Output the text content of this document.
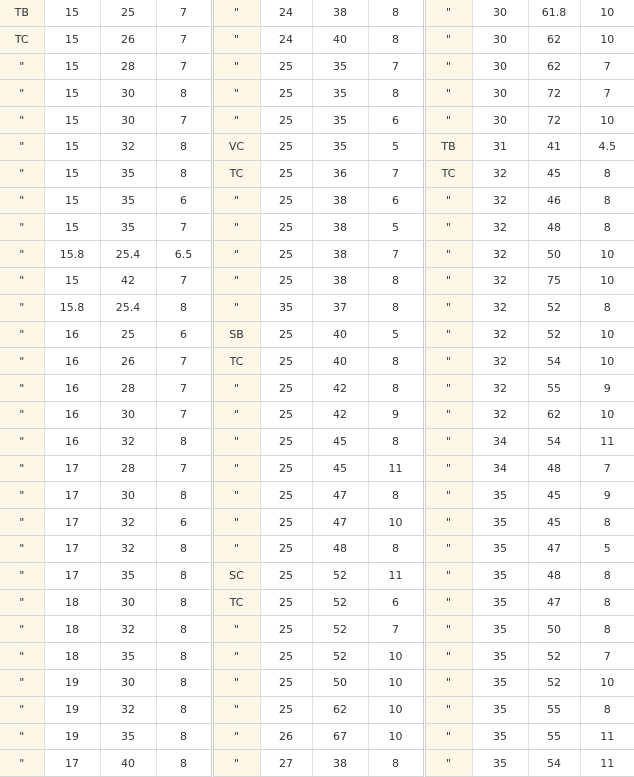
TB	15	25	7	"	24	38	8	"	30	61.8	10
TC	15	26	7	"	24	40	8	"	30	62	10
"	15	28	7	"	25	35	7	"	30	62	7
"	15	30	8	"	25	35	8	"	30	72	7
"	15	30	7	"	25	35	6	"	30	72	10
"	15	32	8	VC	25	35	5	TB	31	41	4.5
"	15	35	8	TC	25	36	7	TC	32	45	8
"	15	35	6	"	25	38	6	"	32	46	8
"	15	35	7	"	25	38	5	"	32	48	8
"	15.8	25.4	6.5	"	25	38	7	"	32	50	10
"	15	42	7	"	25	38	8	"	32	75	10
"	15.8	25.4	8	"	35	37	8	"	32	52	8
"	16	25	6	SB	25	40	5	"	32	52	10
"	16	26	7	TC	25	40	8	"	32	54	10
"	16	28	7	"	25	42	8	"	32	55	9
"	16	30	7	"	25	42	9	"	32	62	10
"	16	32	8	"	25	45	8	"	34	54	11
"	17	28	7	"	25	45	11	"	34	48	7
"	17	30	8	"	25	47	8	"	35	45	9
"	17	32	6	"	25	47	10	"	35	45	8
"	17	32	8	"	25	48	8	"	35	47	5
"	17	35	8	SC	25	52	11	"	35	48	8
"	18	30	8	TC	25	52	6	"	35	47	8
"	18	32	8	"	25	52	7	"	35	50	8
"	18	35	8	"	25	52	10	"	35	52	7
"	19	30	8	"	25	50	10	"	35	52	10
"	19	32	8	"	25	62	10	"	35	55	8
"	19	35	8	"	26	67	10	"	35	55	11
"	17	40	8	"	27	38	8	"	35	54	11
